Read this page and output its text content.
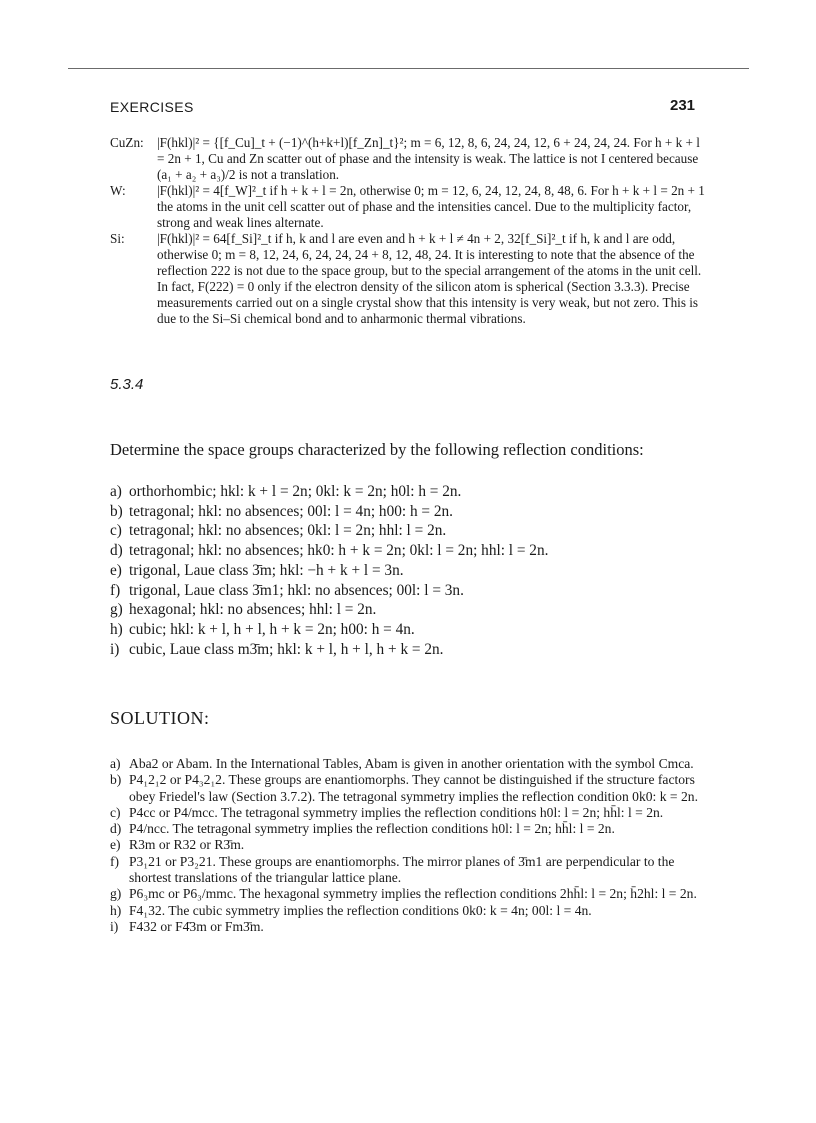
EXERCISES	231
CuZn:	|F(hkl)|² = {[f_Cu]_t + (−1)^(h+k+l)[f_Zn]_t}²; m = 6, 12, 8, 6, 24, 24, 12, 6 + 24, 24, 24. For h + k + l = 2n + 1, Cu and Zn scatter out of phase and the intensity is weak. The lattice is not I centered because (a₁ + a₂ + a₃)/2 is not a translation.
W:	|F(hkl)|² = 4[f_W]²_t if h + k + l = 2n, otherwise 0; m = 12, 6, 24, 12, 24, 8, 48, 6. For h + k + l = 2n + 1 the atoms in the unit cell scatter out of phase and the intensities cancel. Due to the multiplicity factor, strong and weak lines alternate.
Si:	|F(hkl)|² = 64[f_Si]²_t if h, k and l are even and h + k + l ≠ 4n + 2, 32[f_Si]²_t if h, k and l are odd, otherwise 0; m = 8, 12, 24, 6, 24, 24, 24 + 8, 12, 48, 24. It is interesting to note that the absence of the reflection 222 is not due to the space group, but to the special arrangement of the atoms in the unit cell. In fact, F(222) = 0 only if the electron density of the silicon atom is spherical (Section 3.3.3). Precise measurements carried out on a single crystal show that this intensity is very weak, but not zero. This is due to the Si–Si chemical bond and to anharmonic thermal vibrations.
5.3.4
Determine the space groups characterized by the following reflection conditions:
a) orthorhombic; hkl: k + l = 2n; 0kl: k = 2n; h0l: h = 2n.
b) tetragonal; hkl: no absences; 00l: l = 4n; h00: h = 2n.
c) tetragonal; hkl: no absences; 0kl: l = 2n; hhl: l = 2n.
d) tetragonal; hkl: no absences; hk0: h + k = 2n; 0kl: l = 2n; hhl: l = 2n.
e) trigonal, Laue class 3̄m; hkl: −h + k + l = 3n.
f) trigonal, Laue class 3̄m1; hkl: no absences; 00l: l = 3n.
g) hexagonal; hkl: no absences; hhl: l = 2n.
h) cubic; hkl: k + l, h + l, h + k = 2n; h00: h = 4n.
i) cubic, Laue class m3̄m; hkl: k + l, h + l, h + k = 2n.
SOLUTION:
a) Aba2 or Abam. In the International Tables, Abam is given in another orientation with the symbol Cmca.
b) P4₁2₁2 or P4₃2₁2. These groups are enantiomorphs. They cannot be distinguished if the structure factors obey Friedel's law (Section 3.7.2). The tetragonal symmetry implies the reflection condition 0k0: k = 2n.
c) P4cc or P4/mcc. The tetragonal symmetry implies the reflection conditions h0l: l = 2n; hh̄l: l = 2n.
d) P4/ncc. The tetragonal symmetry implies the reflection conditions h0l: l = 2n; hh̄l: l = 2n.
e) R3m or R32 or R3̄m.
f) P3₁21 or P3₂21. These groups are enantiomorphs. The mirror planes of 3̄m1 are perpendicular to the shortest translations of the triangular lattice plane.
g) P6₃mc or P6₃/mmc. The hexagonal symmetry implies the reflection conditions 2hh̄l: l = 2n; h̄2hl: l = 2n.
h) F4₁32. The cubic symmetry implies the reflection conditions 0k0: k = 4n; 00l: l = 4n.
i) F432 or F4̄3m or Fm3̄m.
